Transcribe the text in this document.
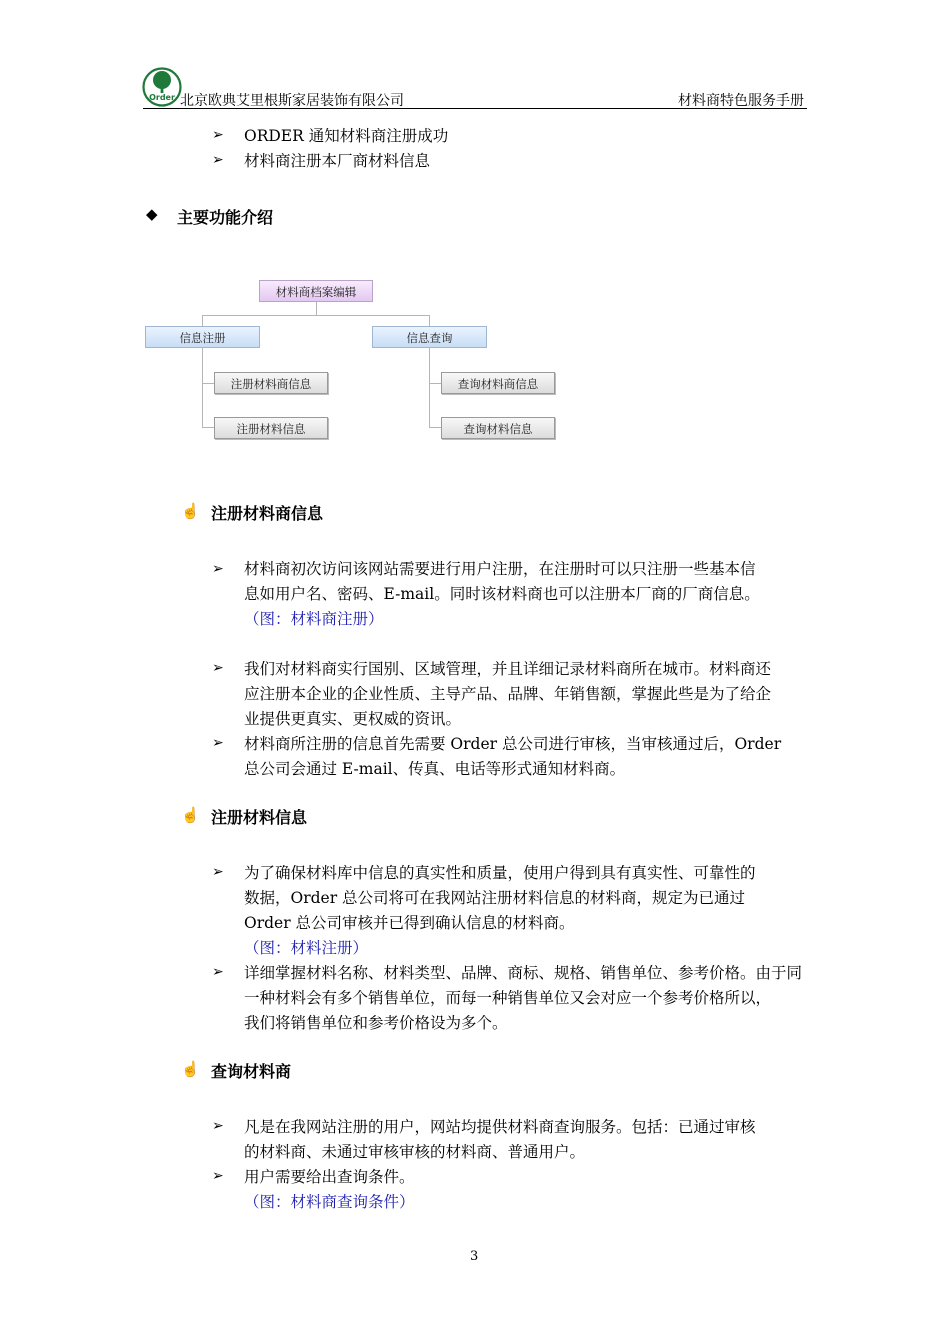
Order 北京欧典艾里根斯家居装饰有限公司	材料商特色服务手册
➢ ORDER 通知材料商注册成功
➢ 材料商注册本厂商材料信息
◆ 主要功能介绍
材料商档案编辑
信息注册	信息查询
注册材料商信息
注册材料信息
查询材料商信息
查询材料信息
☝ 注册材料商信息
➢ 材料商初次访问该网站需要进行用户注册，在注册时可以只注册一些基本信
息如用户名、密码、E-mail。同时该材料商也可以注册本厂商的厂商信息。
（图：材料商注册）
➢ 我们对材料商实行国别、区域管理，并且详细记录材料商所在城市。材料商还
应注册本企业的企业性质、主导产品、品牌、年销售额，掌握此些是为了给企
业提供更真实、更权威的资讯。
➢ 材料商所注册的信息首先需要 Order 总公司进行审核，当审核通过后，Order
总公司会通过 E-mail、传真、电话等形式通知材料商。
☝ 注册材料信息
➢ 为了确保材料库中信息的真实性和质量，使用户得到具有真实性、可靠性的
数据，Order 总公司将可在我网站注册材料信息的材料商，规定为已通过
Order 总公司审核并已得到确认信息的材料商。
（图：材料注册）
➢ 详细掌握材料名称、材料类型、品牌、商标、规格、销售单位、参考价格。由于同
一种材料会有多个销售单位，而每一种销售单位又会对应一个参考价格所以，
我们将销售单位和参考价格设为多个。
☝ 查询材料商
➢ 凡是在我网站注册的用户，网站均提供材料商查询服务。包括：已通过审核
的材料商、未通过审核审核的材料商、普通用户。
➢ 用户需要给出查询条件。
（图：材料商查询条件）
3
